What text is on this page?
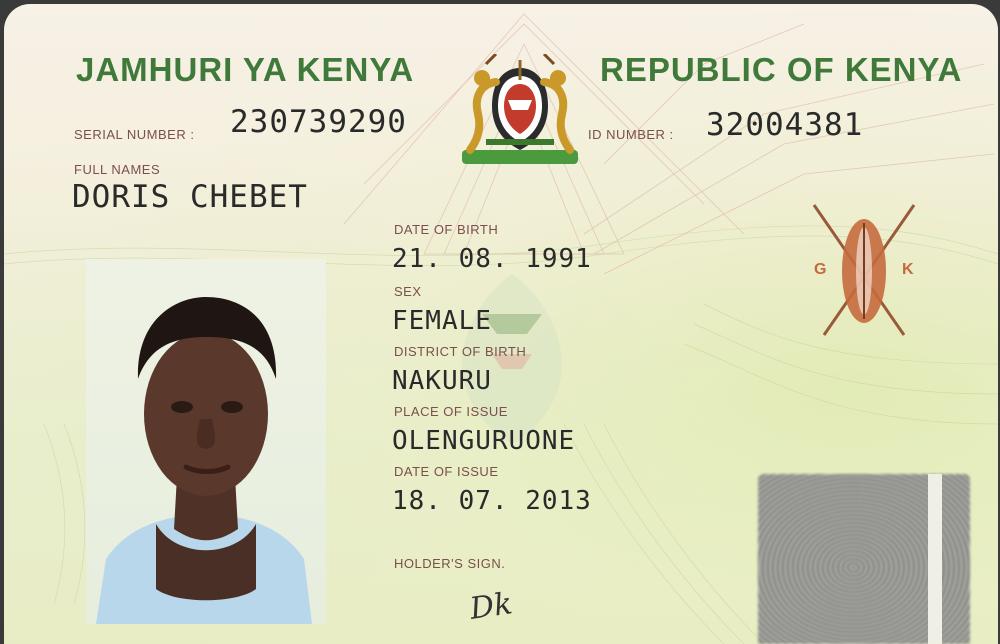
JAMHURI YA KENYA	REPUBLIC OF KENYA
SERIAL NUMBER : 230739290	ID NUMBER : 32004381
FULL NAMES
DORIS CHEBET
DATE OF BIRTH
21. 08. 1991
SEX
FEMALE
DISTRICT OF BIRTH
NAKURU
PLACE OF ISSUE
OLENGURUONE
DATE OF ISSUE
18. 07. 2013
HOLDER'S SIGN.
Dk
G	K
